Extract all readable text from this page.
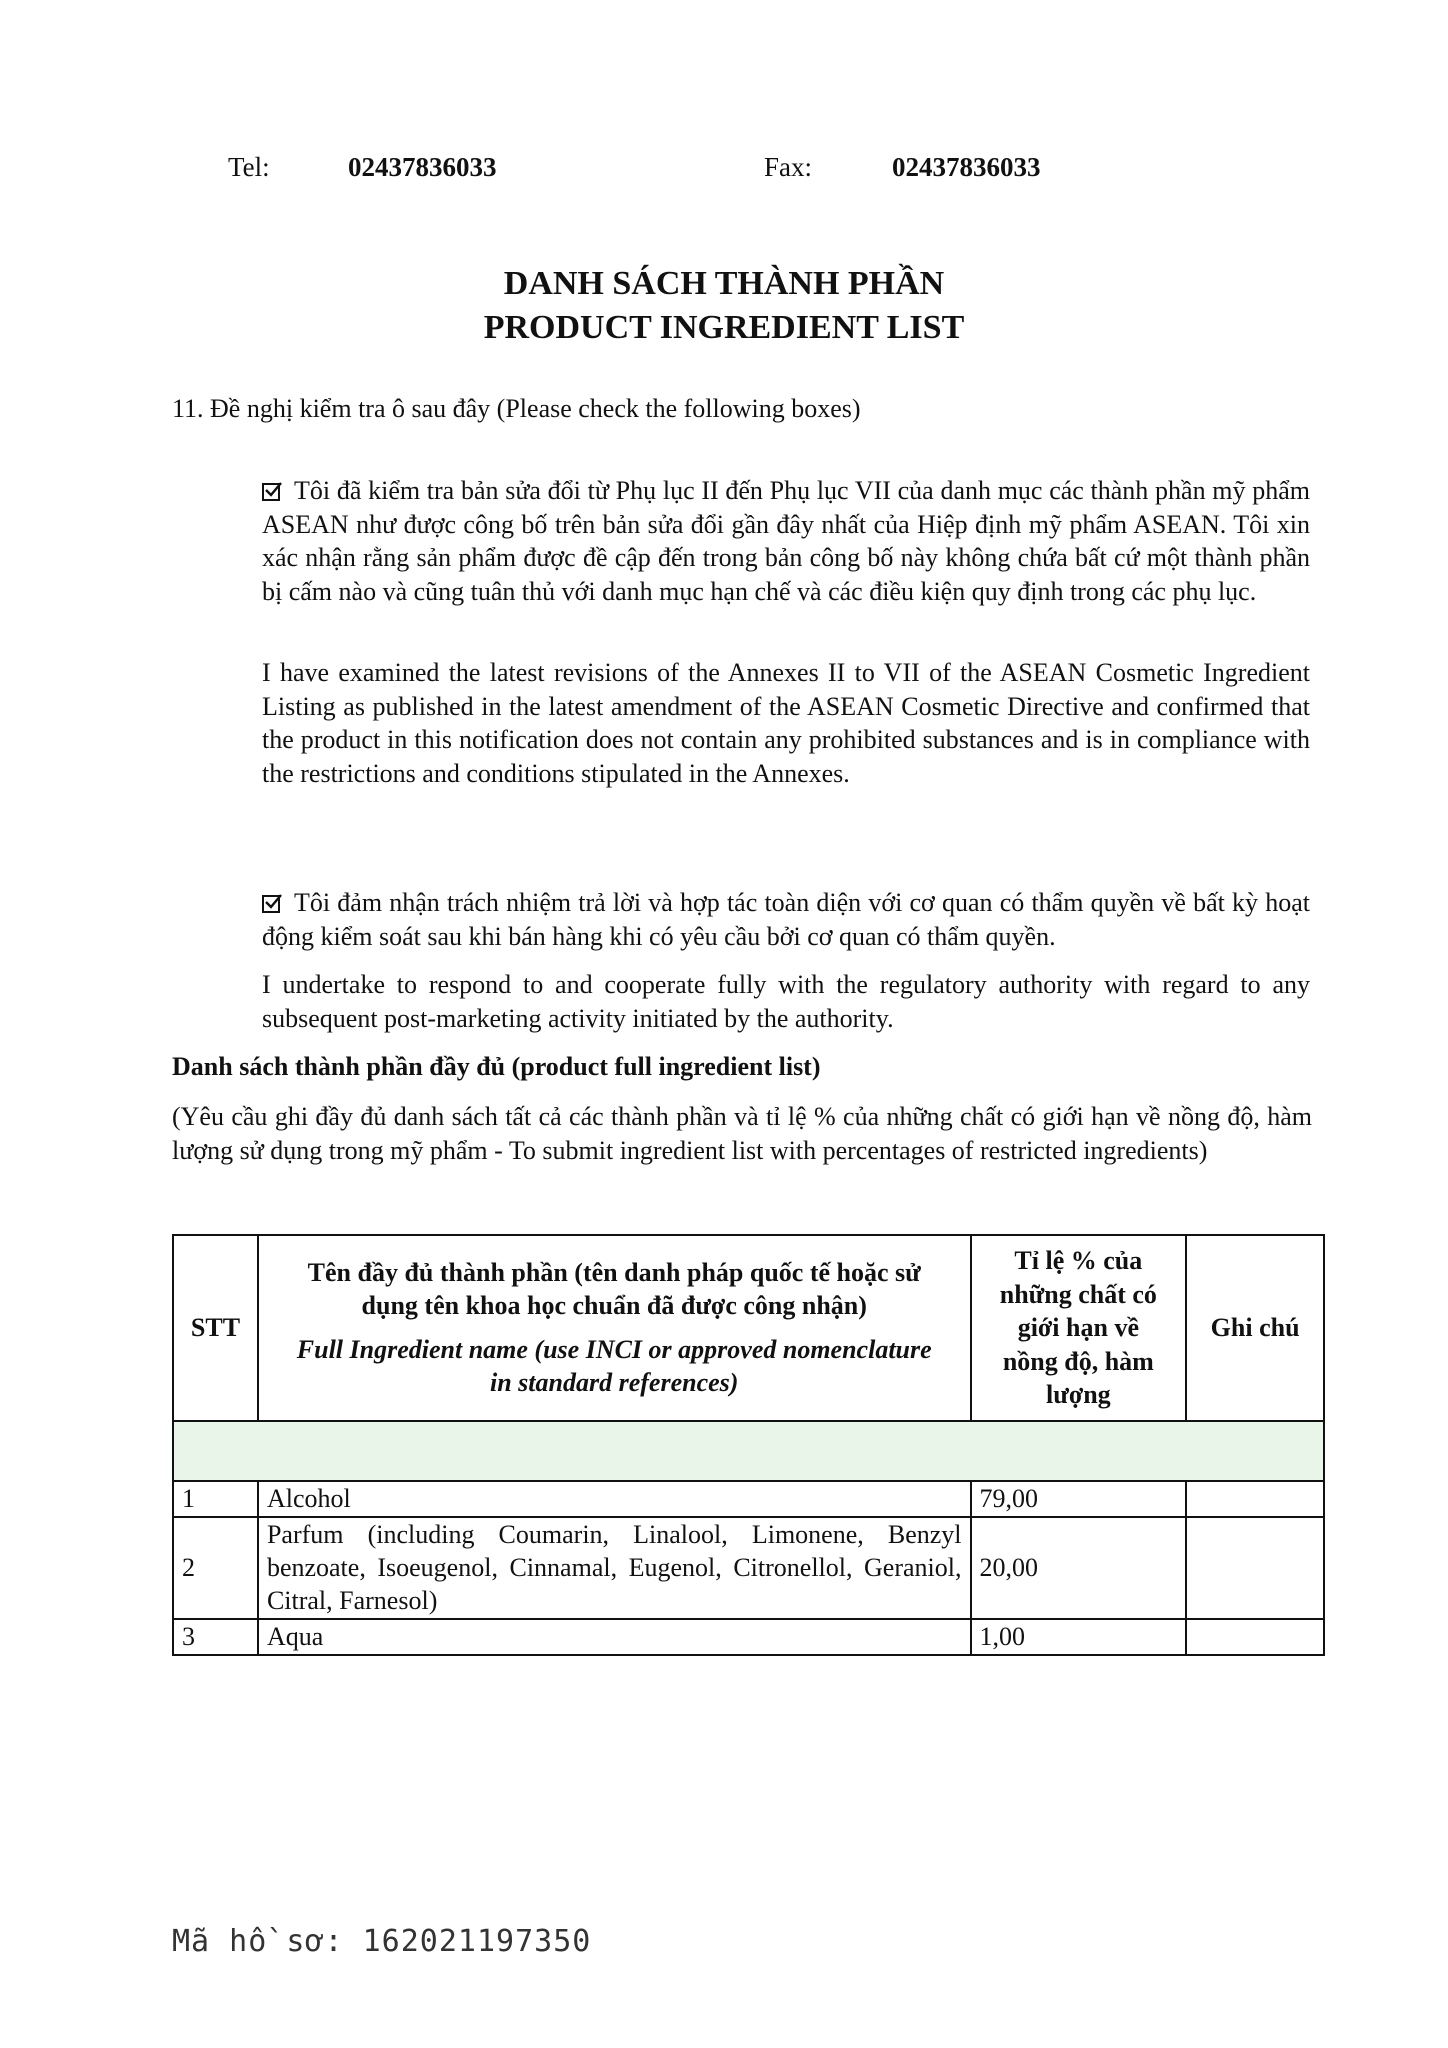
Tel:	02437836033	Fax:	02437836033
DANH SÁCH THÀNH PHẦN
PRODUCT INGREDIENT LIST
11. Đề nghị kiểm tra ô sau đây (Please check the following boxes)
Tôi đã kiểm tra bản sửa đổi từ Phụ lục II đến Phụ lục VII của danh mục các thành phần mỹ phẩm ASEAN như được công bố trên bản sửa đổi gần đây nhất của Hiệp định mỹ phẩm ASEAN. Tôi xin xác nhận rằng sản phẩm được đề cập đến trong bản công bố này không chứa bất cứ một thành phần bị cấm nào và cũng tuân thủ với danh mục hạn chế và các điều kiện quy định trong các phụ lục.
I have examined the latest revisions of the Annexes II to VII of the ASEAN Cosmetic Ingredient Listing as published in the latest amendment of the ASEAN Cosmetic Directive and confirmed that the product in this notification does not contain any prohibited substances and is in compliance with the restrictions and conditions stipulated in the Annexes.
Tôi đảm nhận trách nhiệm trả lời và hợp tác toàn diện với cơ quan có thẩm quyền về bất kỳ hoạt động kiểm soát sau khi bán hàng khi có yêu cầu bởi cơ quan có thẩm quyền.
I undertake to respond to and cooperate fully with the regulatory authority with regard to any subsequent post-marketing activity initiated by the authority.
Danh sách thành phần đầy đủ (product full ingredient list)
(Yêu cầu ghi đầy đủ danh sách tất cả các thành phần và tỉ lệ % của những chất có giới hạn về nồng độ, hàm lượng sử dụng trong mỹ phẩm - To submit ingredient list with percentages of restricted ingredients)
STT	Tên đầy đủ thành phần (tên danh pháp quốc tế hoặc sử dụng tên khoa học chuẩn đã được công nhận)
Full Ingredient name (use INCI or approved nomenclature in standard references)	Tỉ lệ % của những chất có giới hạn về nồng độ, hàm lượng	Ghi chú

1	Alcohol	79,00	
2	Parfum (including Coumarin, Linalool, Limonene, Benzyl benzoate, Isoeugenol, Cinnamal, Eugenol, Citronellol, Geraniol, Citral, Farnesol)	20,00	
3	Aqua	1,00	
Mã hồ sơ: 162021197350
